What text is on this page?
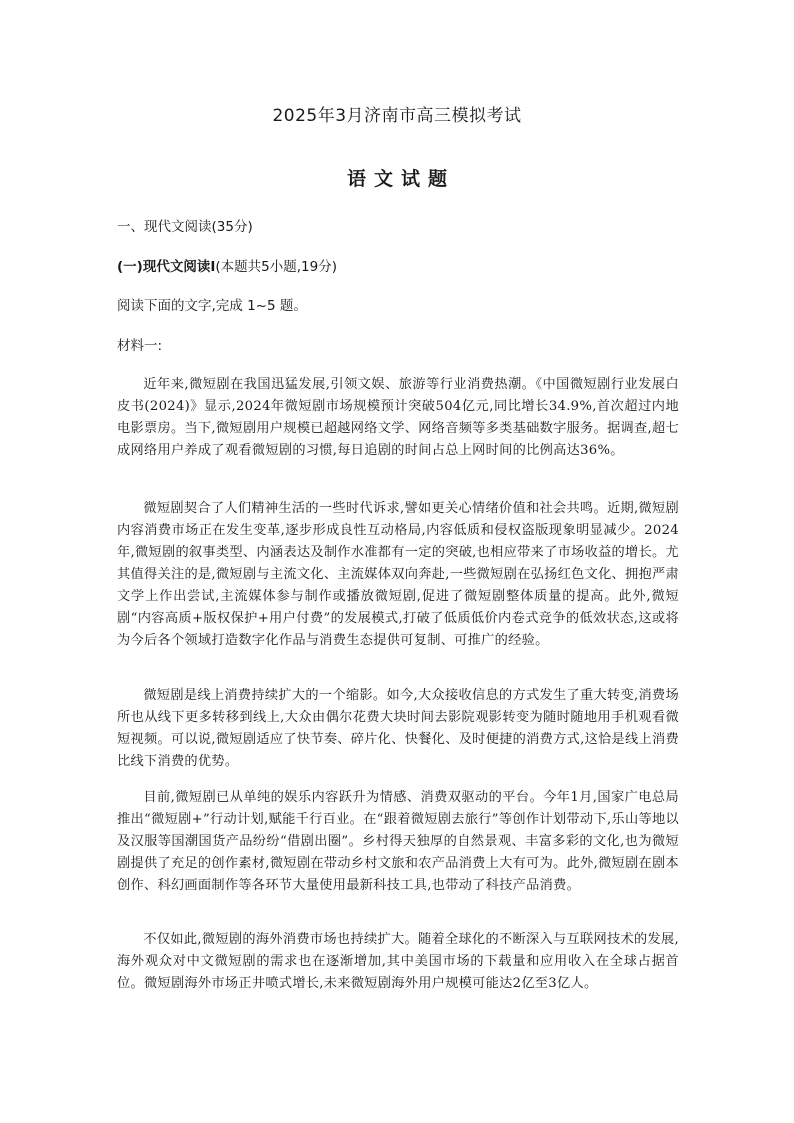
2025年3月济南市高三模拟考试
语文试题
一、现代文阅读(35分)
(一)现代文阅读Ⅰ(本题共5小题,19分)
阅读下面的文字,完成 1~5 题。
材料一:

近年来,微短剧在我国迅猛发展,引领文娱、旅游等行业消费热潮。《中国微短剧行业发展白皮书(2024)》显示,2024年微短剧市场规模预计突破504亿元,同比增长34.9%,首次超过内地电影票房。当下,微短剧用户规模已超越网络文学、网络音频等多类基础数字服务。据调查,超七成网络用户养成了观看微短剧的习惯,每日追剧的时间占总上网时间的比例高达36%。

微短剧契合了人们精神生活的一些时代诉求,譬如更关心情绪价值和社会共鸣。近期,微短剧内容消费市场正在发生变革,逐步形成良性互动格局,内容低质和侵权盗版现象明显减少。2024年,微短剧的叙事类型、内涵表达及制作水准都有一定的突破,也相应带来了市场收益的增长。尤其值得关注的是,微短剧与主流文化、主流媒体双向奔赴,一些微短剧在弘扬红色文化、拥抱严肃文学上作出尝试,主流媒体参与制作或播放微短剧,促进了微短剧整体质量的提高。此外,微短剧“内容高质+版权保护+用户付费”的发展模式,打破了低质低价内卷式竞争的低效状态,这或将为今后各个领域打造数字化作品与消费生态提供可复制、可推广的经验。

微短剧是线上消费持续扩大的一个缩影。如今,大众接收信息的方式发生了重大转变,消费场所也从线下更多转移到线上,大众由偶尔花费大块时间去影院观影转变为随时随地用手机观看微短视频。可以说,微短剧适应了快节奏、碎片化、快餐化、及时便捷的消费方式,这恰是线上消费比线下消费的优势。

目前,微短剧已从单纯的娱乐内容跃升为情感、消费双驱动的平台。今年1月,国家广电总局推出“微短剧+”行动计划,赋能千行百业。在“跟着微短剧去旅行”等创作计划带动下,乐山等地以及汉服等国潮国货产品纷纷“借剧出圈”。乡村得天独厚的自然景观、丰富多彩的文化,也为微短剧提供了充足的创作素材,微短剧在带动乡村文旅和农产品消费上大有可为。此外,微短剧在剧本创作、科幻画面制作等各环节大量使用最新科技工具,也带动了科技产品消费。

不仅如此,微短剧的海外消费市场也持续扩大。随着全球化的不断深入与互联网技术的发展,海外观众对中文微短剧的需求也在逐渐增加,其中美国市场的下载量和应用收入在全球占据首位。微短剧海外市场正井喷式增长,未来微短剧海外用户规模可能达2亿至3亿人。
